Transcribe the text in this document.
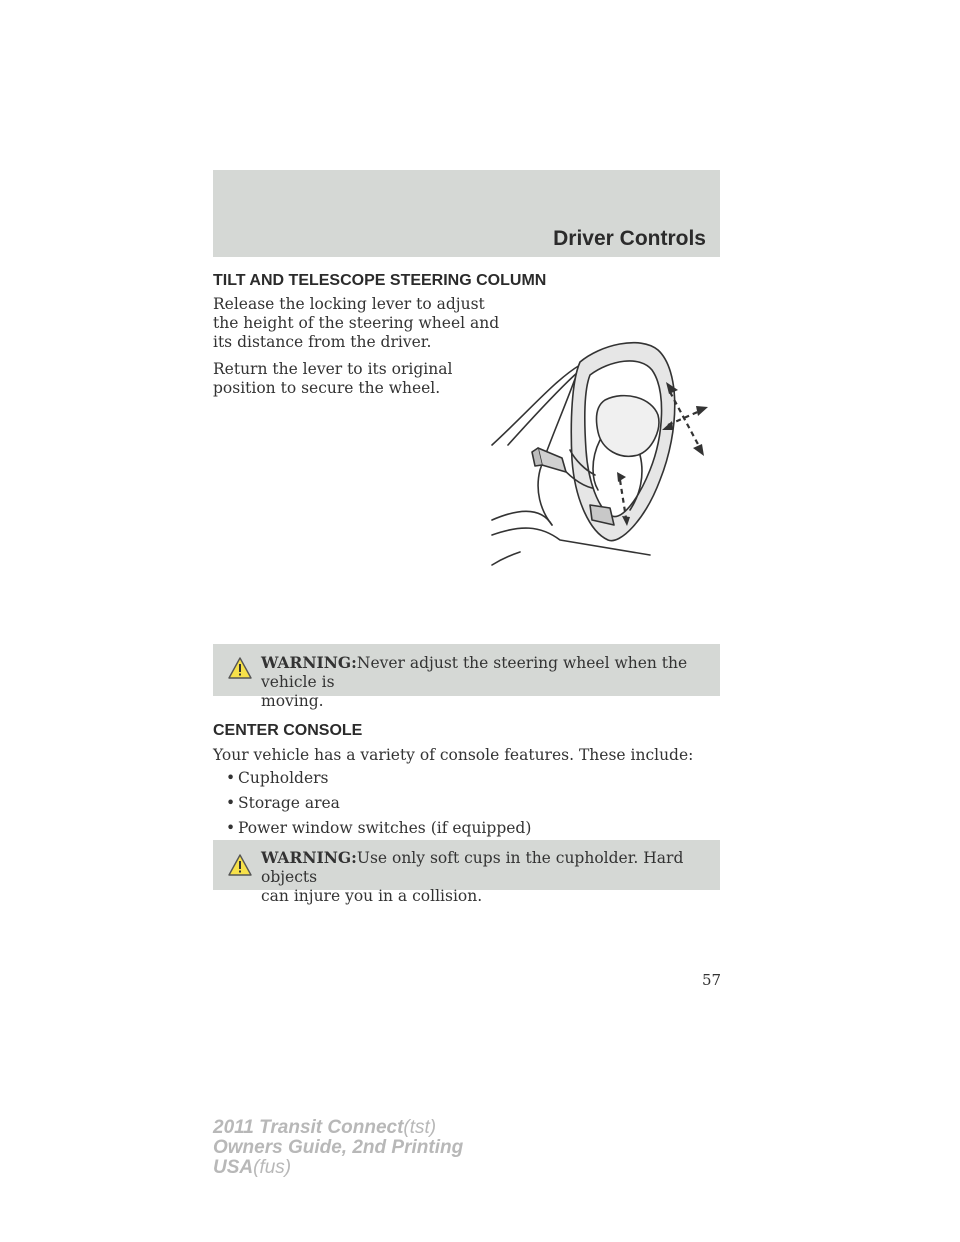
Driver Controls
TILT AND TELESCOPE STEERING COLUMN

Release the locking lever to adjust

the height of the steering wheel and

its distance from the driver.

Return the lever to its original

position to secure the wheel.

WARNING:Never adjust the steering wheel when the vehicle is
moving.
CENTER CONSOLE

Your vehicle has a variety of console features. These include:

• Cupholders

• Storage area

• Power window switches (if equipped)

WARNING:Use only soft cups in the cupholder. Hard objects
can injure you in a collision.
57
2011 Transit Connect(tst)
Owners Guide, 2nd Printing
USA(fus)
